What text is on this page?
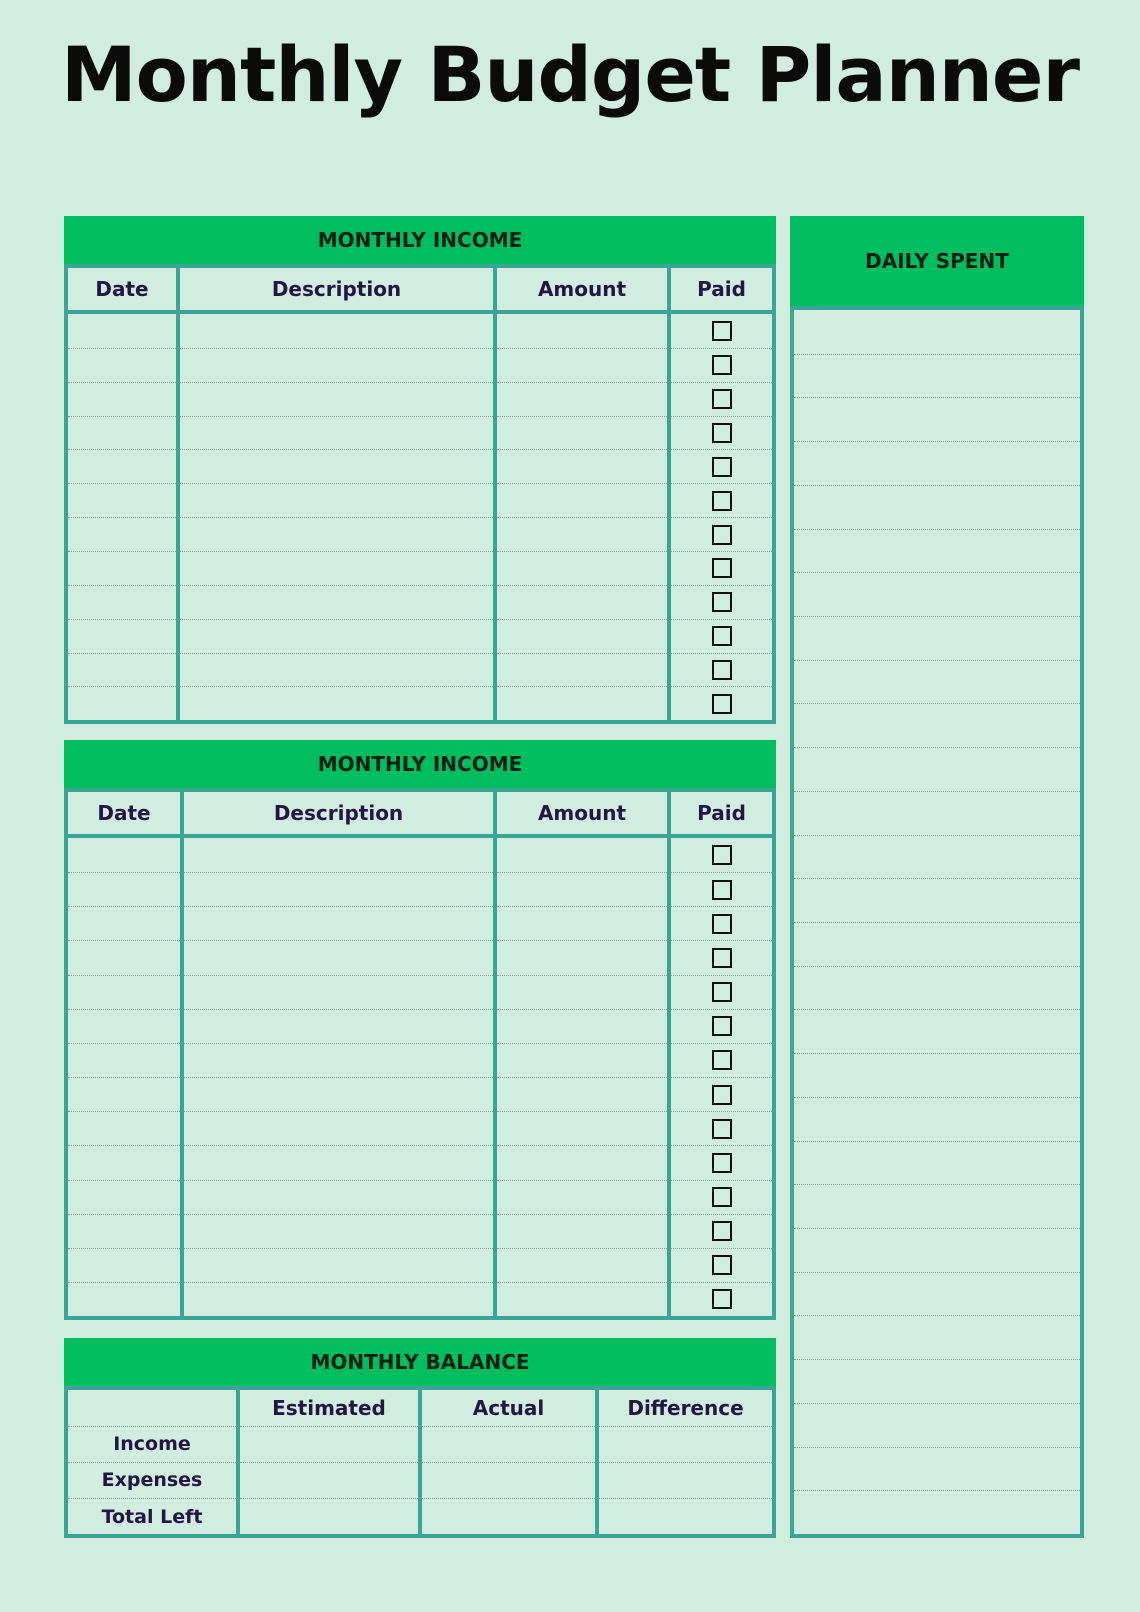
Monthly Budget Planner
MONTHLY INCOME
Date	Description	Amount	Paid

MONTHLY INCOME
Date	Description	Amount	Paid

MONTHLY BALANCE
	Estimated	Actual	Difference
Income			
Expenses			
Total Left			
DAILY SPENT
